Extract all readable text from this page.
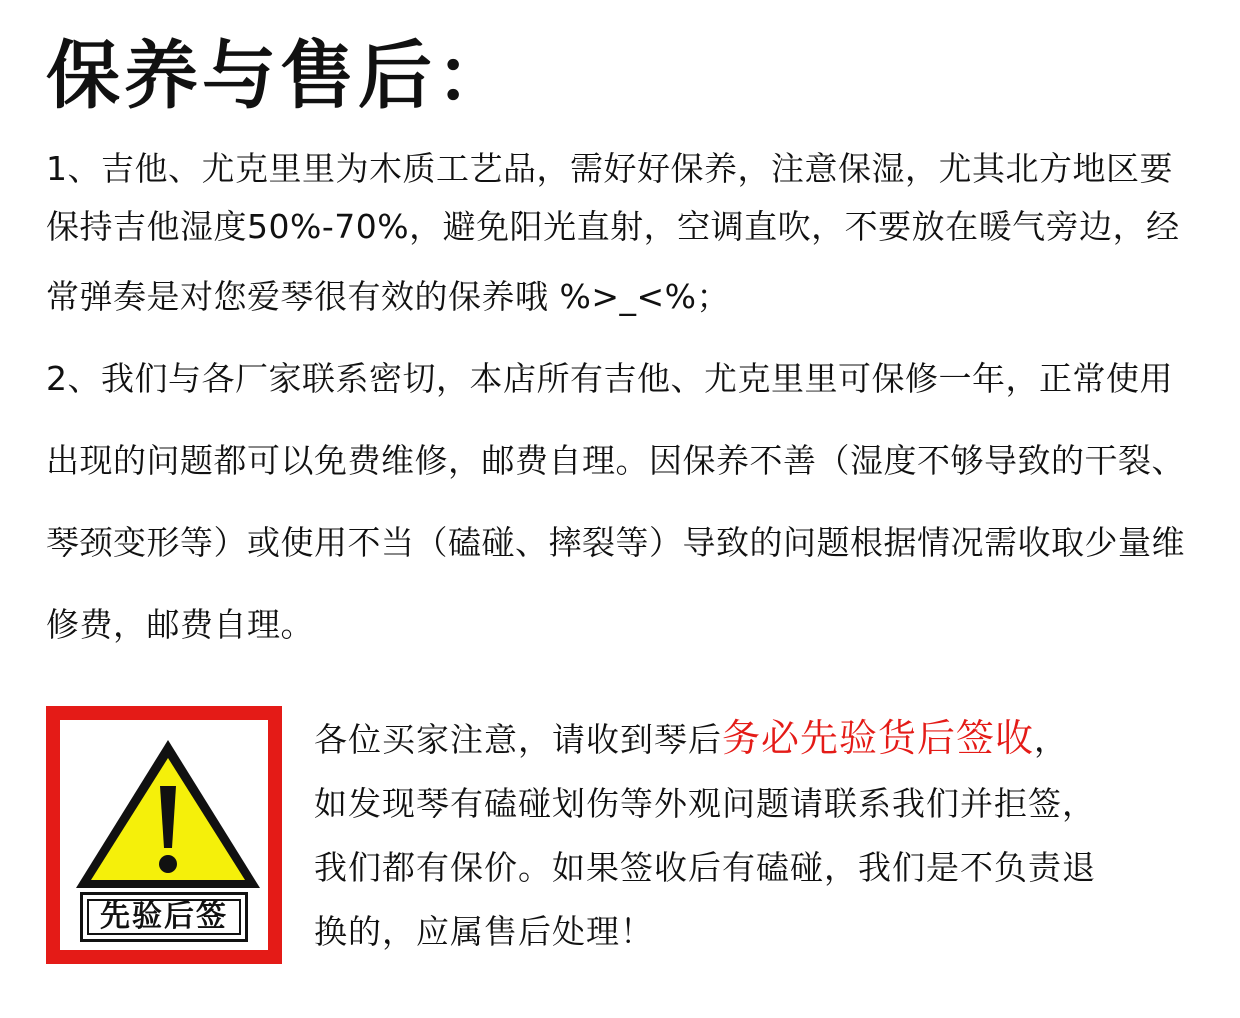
保养与售后：

1、吉他、尤克里里为木质工艺品，需好好保养，注意保湿，尤其北方地区要

保持吉他湿度50%-70%，避免阳光直射，空调直吹，不要放在暖气旁边，经

常弹奏是对您爱琴很有效的保养哦 %>_<%；

2、我们与各厂家联系密切，本店所有吉他、尤克里里可保修一年，正常使用

出现的问题都可以免费维修，邮费自理。因保养不善（湿度不够导致的干裂、

琴颈变形等）或使用不当（磕碰、摔裂等）导致的问题根据情况需收取少量维

修费，邮费自理。

先验后签
各位买家注意，请收到琴后务必先验货后签收，
如发现琴有磕碰划伤等外观问题请联系我们并拒签，
我们都有保价。如果签收后有磕碰，我们是不负责退
换的，应属售后处理！
